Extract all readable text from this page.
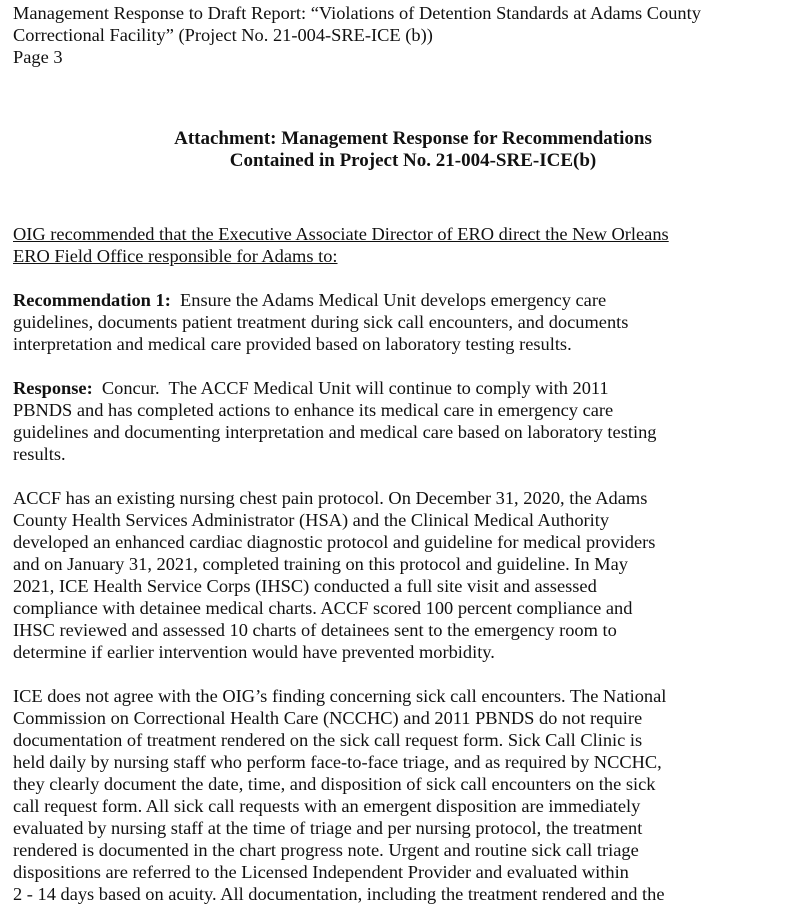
Management Response to Draft Report: “Violations of Detention Standards at Adams County

Correctional Facility” (Project No. 21-004-SRE-ICE (b))

Page 3

Attachment: Management Response for Recommendations
Contained in Project No. 21-004-SRE-ICE(b)

OIG recommended that the Executive Associate Director of ERO direct the New Orleans

ERO Field Office responsible for Adams to:

Recommendation 1:  Ensure the Adams Medical Unit develops emergency care

guidelines, documents patient treatment during sick call encounters, and documents

interpretation and medical care provided based on laboratory testing results.

Response:  Concur.  The ACCF Medical Unit will continue to comply with 2011

PBNDS and has completed actions to enhance its medical care in emergency care

guidelines and documenting interpretation and medical care based on laboratory testing

results.

ACCF has an existing nursing chest pain protocol. On December 31, 2020, the Adams

County Health Services Administrator (HSA) and the Clinical Medical Authority

developed an enhanced cardiac diagnostic protocol and guideline for medical providers

and on January 31, 2021, completed training on this protocol and guideline. In May

2021, ICE Health Service Corps (IHSC) conducted a full site visit and assessed

compliance with detainee medical charts. ACCF scored 100 percent compliance and

IHSC reviewed and assessed 10 charts of detainees sent to the emergency room to

determine if earlier intervention would have prevented morbidity.

ICE does not agree with the OIG’s finding concerning sick call encounters. The National

Commission on Correctional Health Care (NCCHC) and 2011 PBNDS do not require

documentation of treatment rendered on the sick call request form. Sick Call Clinic is

held daily by nursing staff who perform face-to-face triage, and as required by NCCHC,

they clearly document the date, time, and disposition of sick call encounters on the sick

call request form. All sick call requests with an emergent disposition are immediately

evaluated by nursing staff at the time of triage and per nursing protocol, the treatment

rendered is documented in the chart progress note. Urgent and routine sick call triage

dispositions are referred to the Licensed Independent Provider and evaluated within

2 - 14 days based on acuity. All documentation, including the treatment rendered and the
